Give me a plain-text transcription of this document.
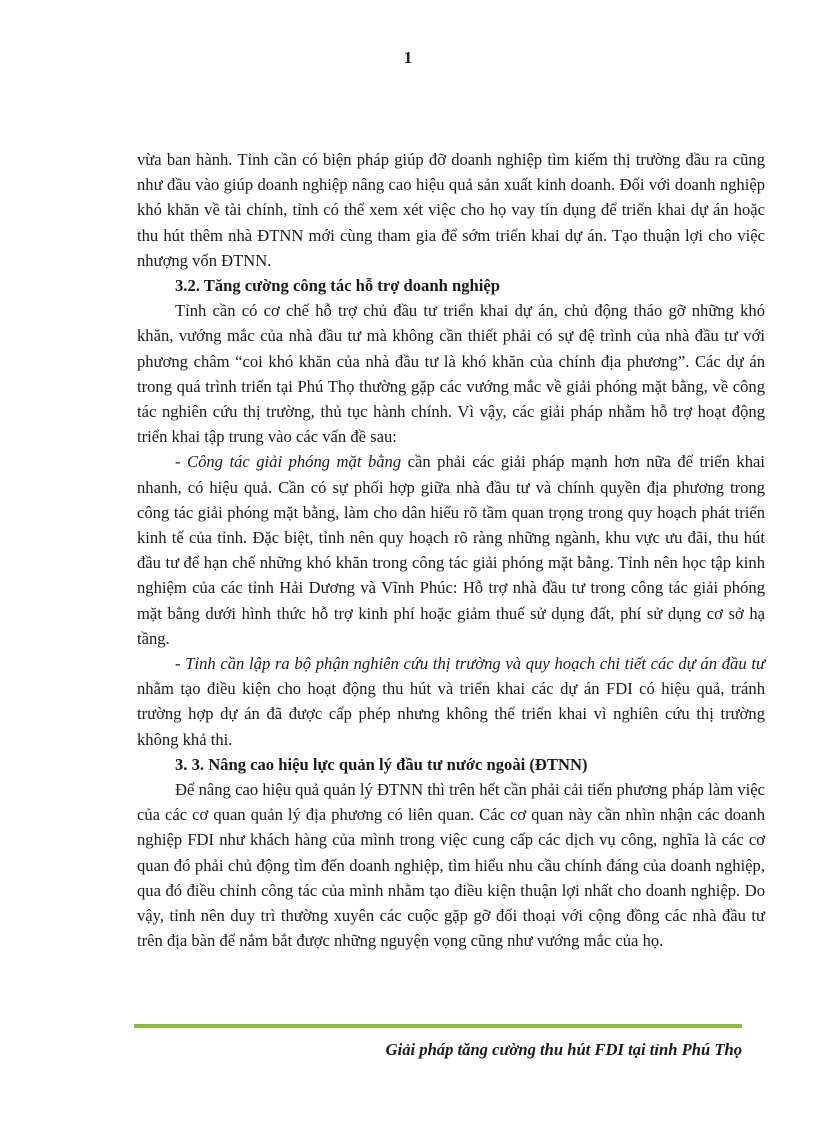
1

vừa ban hành. Tỉnh cần có biện pháp giúp đỡ doanh nghiệp tìm kiếm thị trường đầu ra cũng như đầu vào giúp doanh nghiệp nâng cao hiệu quả sản xuất kinh doanh. Đối với doanh nghiệp khó khăn về tài chính, tỉnh có thể xem xét việc cho họ vay tín dụng để triển khai dự án hoặc thu hút thêm nhà ĐTNN mới cùng tham gia để sớm triển khai dự án. Tạo thuận lợi cho việc nhượng vốn ĐTNN.

3.2. Tăng cường công tác hỗ trợ doanh nghiệp

Tỉnh cần có cơ chế hỗ trợ chủ đầu tư triển khai dự án, chủ động tháo gỡ những khó khăn, vướng mắc của nhà đầu tư mà không cần thiết phải có sự đệ trình của nhà đầu tư với phương châm “coi khó khăn của nhà đầu tư là khó khăn của chính địa phương”. Các dự án trong quá trình triển tại Phú Thọ thường gặp các vướng mắc về giải phóng mặt bằng, về công tác nghiên cứu thị trường, thủ tục hành chính. Vì vậy, các giải pháp nhằm hỗ trợ hoạt động triển khai tập trung vào các vấn đề sau:

- Công tác giải phóng mặt bằng cần phải các giải pháp mạnh hơn nữa để triển khai nhanh, có hiệu quả. Cần có sự phối hợp giữa nhà đầu tư và chính quyền địa phương trong công tác giải phóng mặt bằng, làm cho dân hiểu rõ tầm quan trọng trong quy hoạch phát triển kinh tế của tỉnh. Đặc biệt, tỉnh nên quy hoạch rõ ràng những ngành, khu vực ưu đãi, thu hút đầu tư để hạn chế những khó khăn trong công tác giải phóng mặt bằng. Tỉnh nên học tập kinh nghiệm của các tỉnh Hải Dương và Vĩnh Phúc: Hỗ trợ nhà đầu tư trong công tác giải phóng mặt bằng dưới hình thức hỗ trợ kinh phí hoặc giảm thuế sử dụng đất, phí sử dụng cơ sở hạ tầng.

- Tỉnh cần lập ra bộ phận nghiên cứu thị trường và quy hoạch chi tiết các dự án đầu tư nhằm tạo điều kiện cho hoạt động thu hút và triển khai các dự án FDI có hiệu quả, tránh trường hợp dự án đã được cấp phép nhưng không thể triển khai vì nghiên cứu thị trường không khả thi.

3. 3. Nâng cao hiệu lực quản lý đầu tư nước ngoài (ĐTNN)

Để nâng cao hiệu quả quản lý ĐTNN thì trên hết cần phải cải tiến phương pháp làm việc của các cơ quan quản lý địa phương có liên quan. Các cơ quan này cần nhìn nhận các doanh nghiệp FDI như khách hàng của mình trong việc cung cấp các dịch vụ công, nghĩa là các cơ quan đó phải chủ động tìm đến doanh nghiệp, tìm hiểu nhu cầu chính đáng của doanh nghiệp, qua đó điều chỉnh công tác của mình nhằm tạo điều kiện thuận lợi nhất cho doanh nghiệp. Do vậy, tỉnh nên duy trì thường xuyên các cuộc gặp gỡ đối thoại với cộng đồng các nhà đầu tư trên địa bàn để nắm bắt được những nguyện vọng cũng như vướng mắc của họ.

Giải pháp tăng cường thu hút FDI tại tỉnh Phú Thọ
